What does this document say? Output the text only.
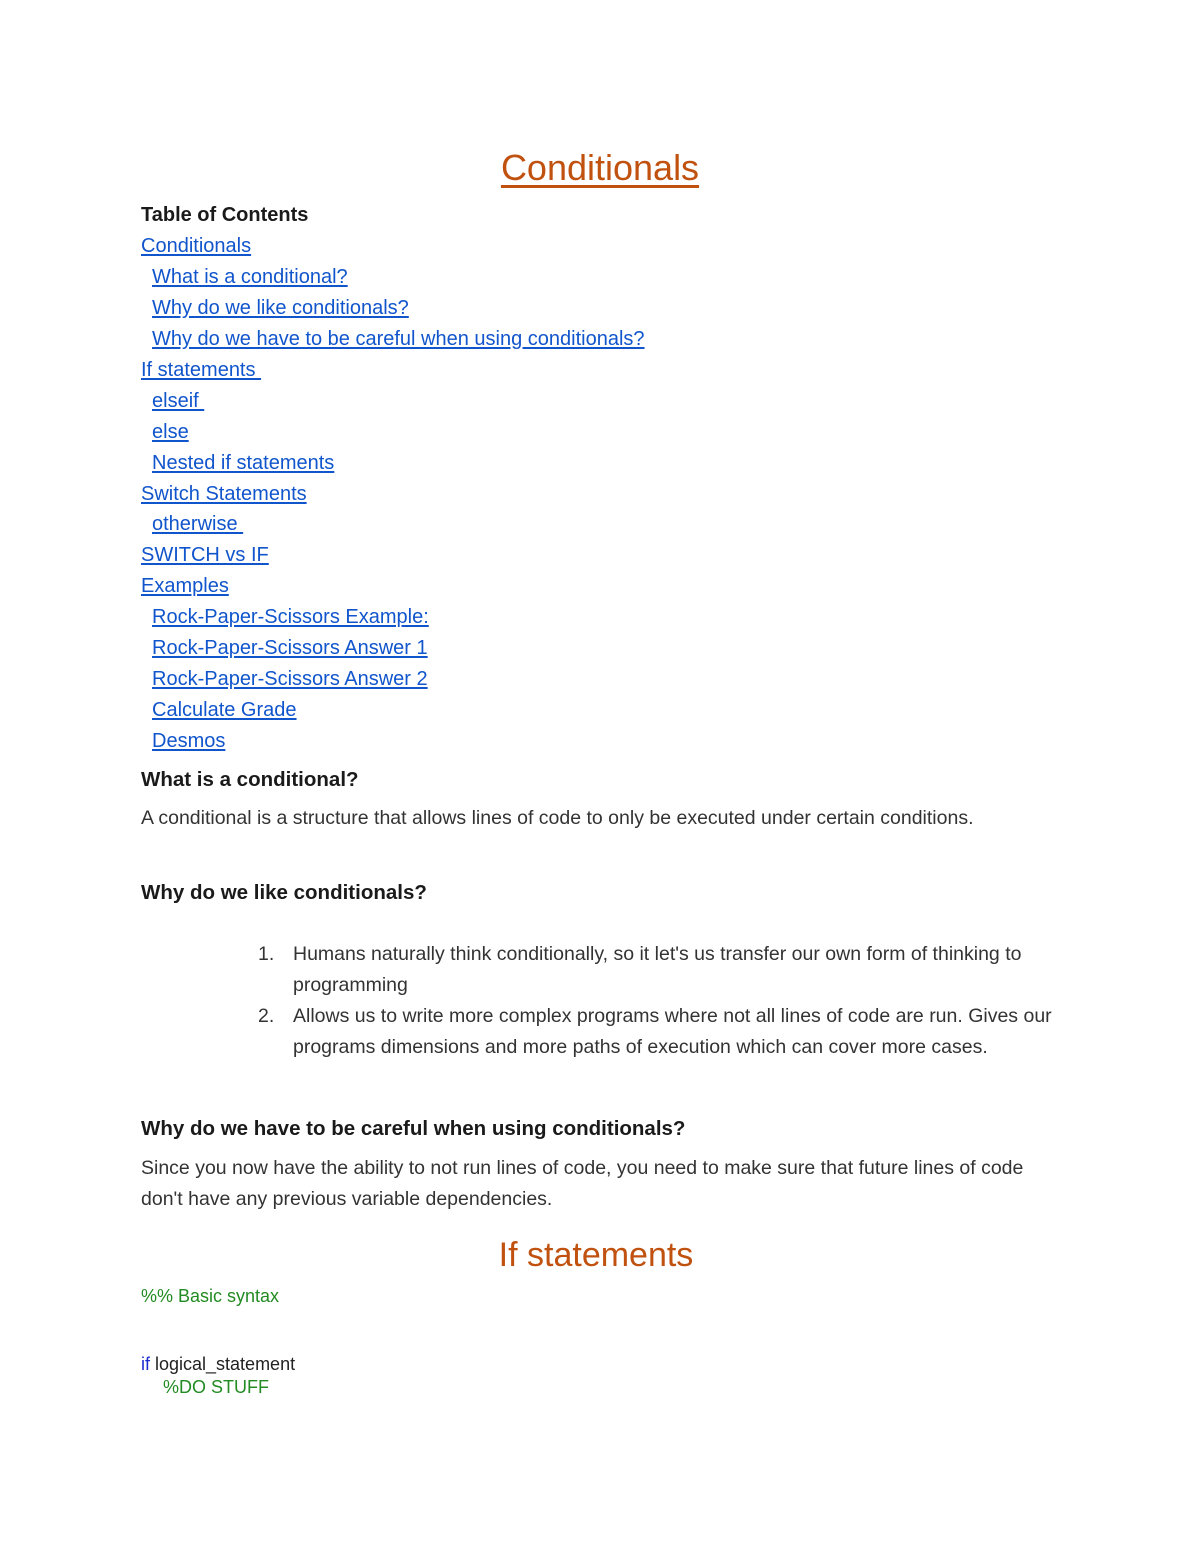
Conditionals
Table of Contents
Conditionals
What is a conditional?
Why do we like conditionals?
Why do we have to be careful when using conditionals?
If statements
elseif
else
Nested if statements
Switch Statements
otherwise
SWITCH vs IF
Examples
Rock-Paper-Scissors Example:
Rock-Paper-Scissors Answer 1
Rock-Paper-Scissors Answer 2
Calculate Grade
Desmos
What is a conditional?

A conditional is a structure that allows lines of code to only be executed under certain conditions.

Why do we like conditionals?
1. Humans naturally think conditionally, so it let's us transfer our own form of thinking to programming
2. Allows us to write more complex programs where not all lines of code are run. Gives our programs dimensions and more paths of execution which can cover more cases.
Why do we have to be careful when using conditionals?

Since you now have the ability to not run lines of code, you need to make sure that future lines of code don't have any previous variable dependencies.

If statements
%% Basic syntax
if logical_statement
%DO STUFF
